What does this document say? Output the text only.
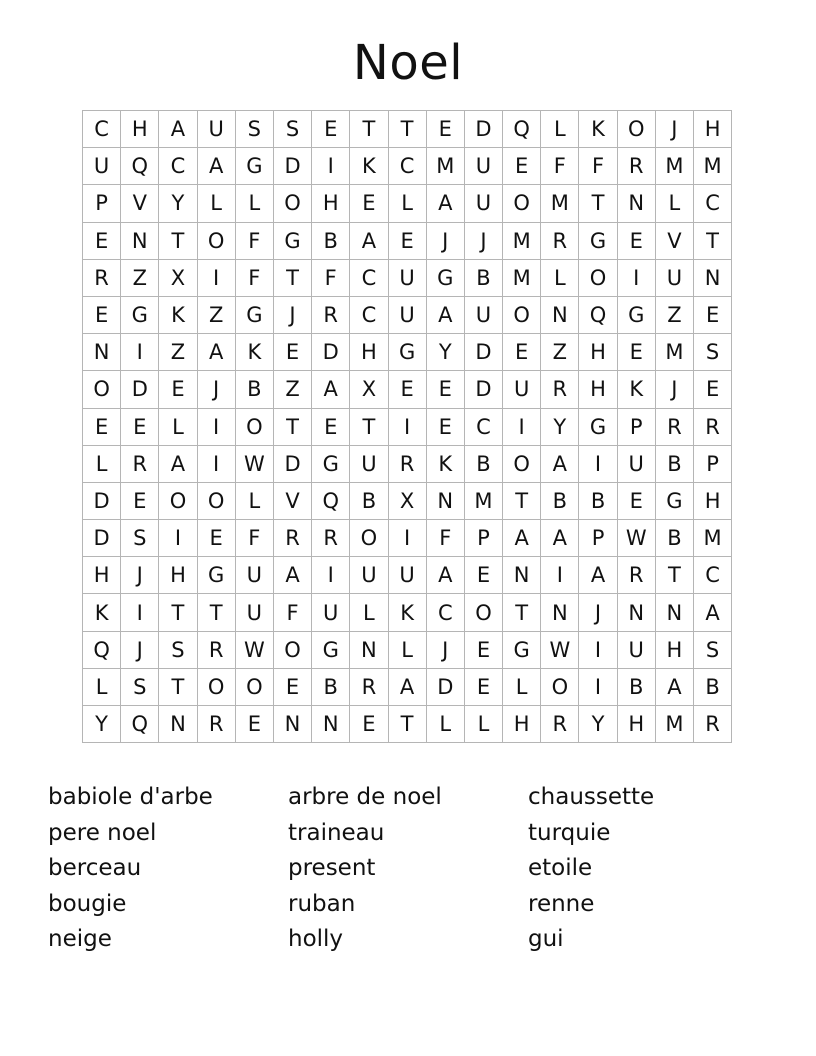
Noel
C	H	A	U	S	S	E	T	T	E	D	Q	L	K	O	J	H
U	Q	C	A	G	D	I	K	C	M	U	E	F	F	R	M	M
P	V	Y	L	L	O	H	E	L	A	U	O	M	T	N	L	C
E	N	T	O	F	G	B	A	E	J	J	M	R	G	E	V	T
R	Z	X	I	F	T	F	C	U	G	B	M	L	O	I	U	N
E	G	K	Z	G	J	R	C	U	A	U	O	N	Q	G	Z	E
N	I	Z	A	K	E	D	H	G	Y	D	E	Z	H	E	M	S
O	D	E	J	B	Z	A	X	E	E	D	U	R	H	K	J	E
E	E	L	I	O	T	E	T	I	E	C	I	Y	G	P	R	R
L	R	A	I	W	D	G	U	R	K	B	O	A	I	U	B	P
D	E	O	O	L	V	Q	B	X	N	M	T	B	B	E	G	H
D	S	I	E	F	R	R	O	I	F	P	A	A	P	W	B	M
H	J	H	G	U	A	I	U	U	A	E	N	I	A	R	T	C
K	I	T	T	U	F	U	L	K	C	O	T	N	J	N	N	A
Q	J	S	R	W	O	G	N	L	J	E	G	W	I	U	H	S
L	S	T	O	O	E	B	R	A	D	E	L	O	I	B	A	B
Y	Q	N	R	E	N	N	E	T	L	L	H	R	Y	H	M	R
babiole d'arbe
pere noel
berceau
bougie
neige
arbre de noel
traineau
present
ruban
holly
chaussette
turquie
etoile
renne
gui
